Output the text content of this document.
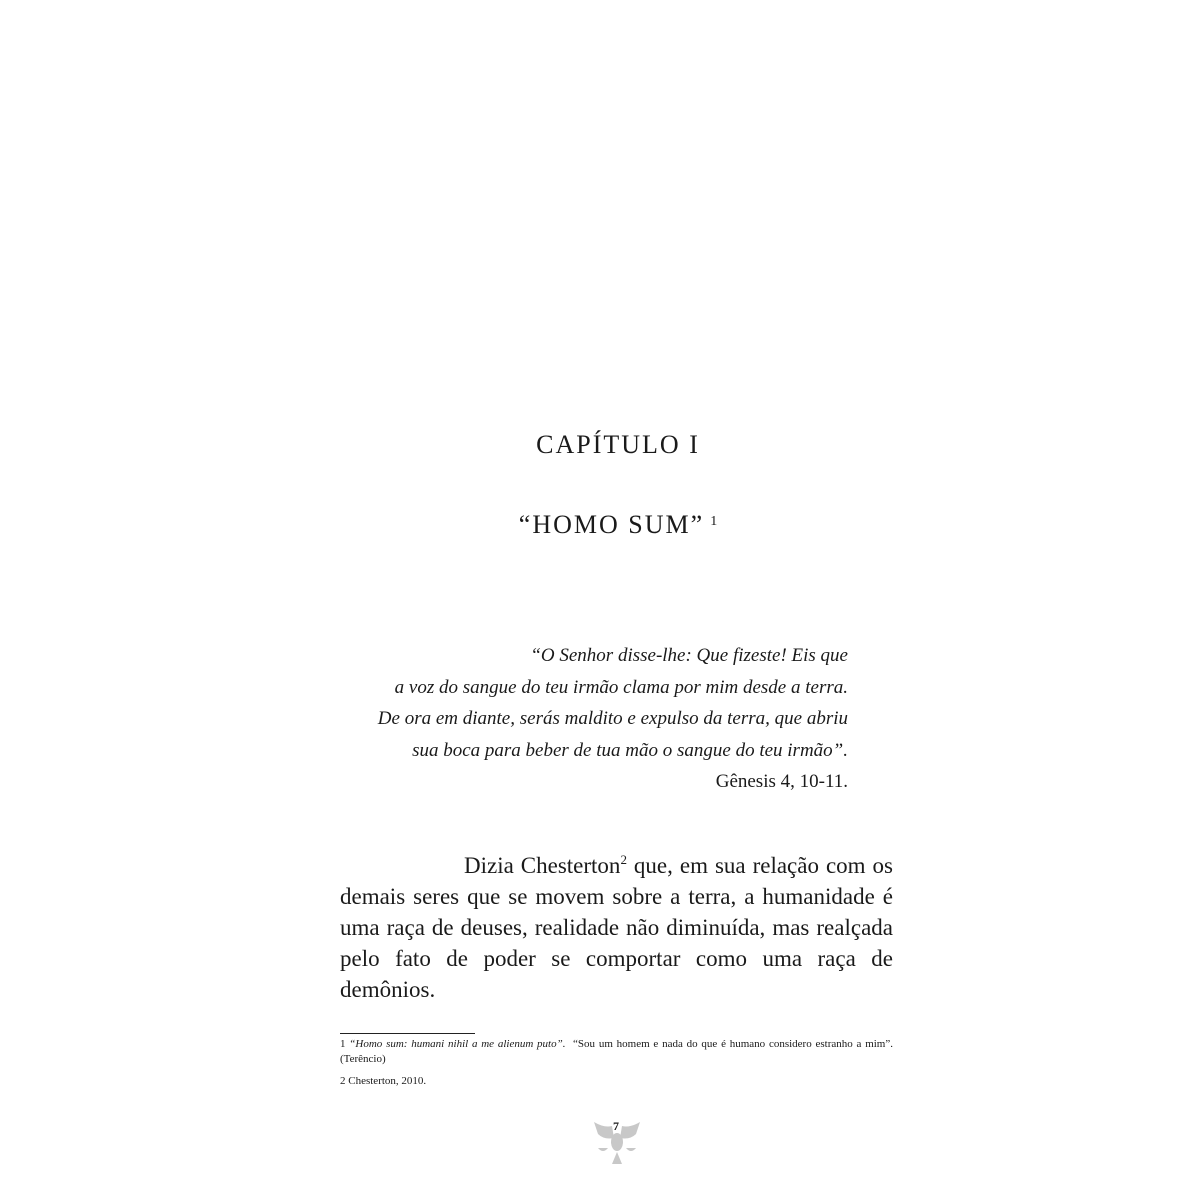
CAPÍTULO I
“HOMO SUM” $^1$
“O Senhor disse-lhe: Que fizeste! Eis que
a voz do sangue do teu irmão clama por mim desde a terra.
De ora em diante, serás maldito e expulso da terra, que abriu
sua boca para beber de tua mão o sangue do teu irmão”.
Gênesis 4, 10-11.
Dizia Chesterton$^2$ que, em sua relação com os demais seres que se movem sobre a terra, a humanidade é uma raça de deuses, realidade não diminuída, mas realçada pelo fato de poder se comportar como uma raça de demônios.

1 “Homo sum: humani nihil a me alienum puto”.  “Sou um homem e nada do que é humano considero estranho a mim”. (Terêncio)

2 Chesterton, 2010.

7
